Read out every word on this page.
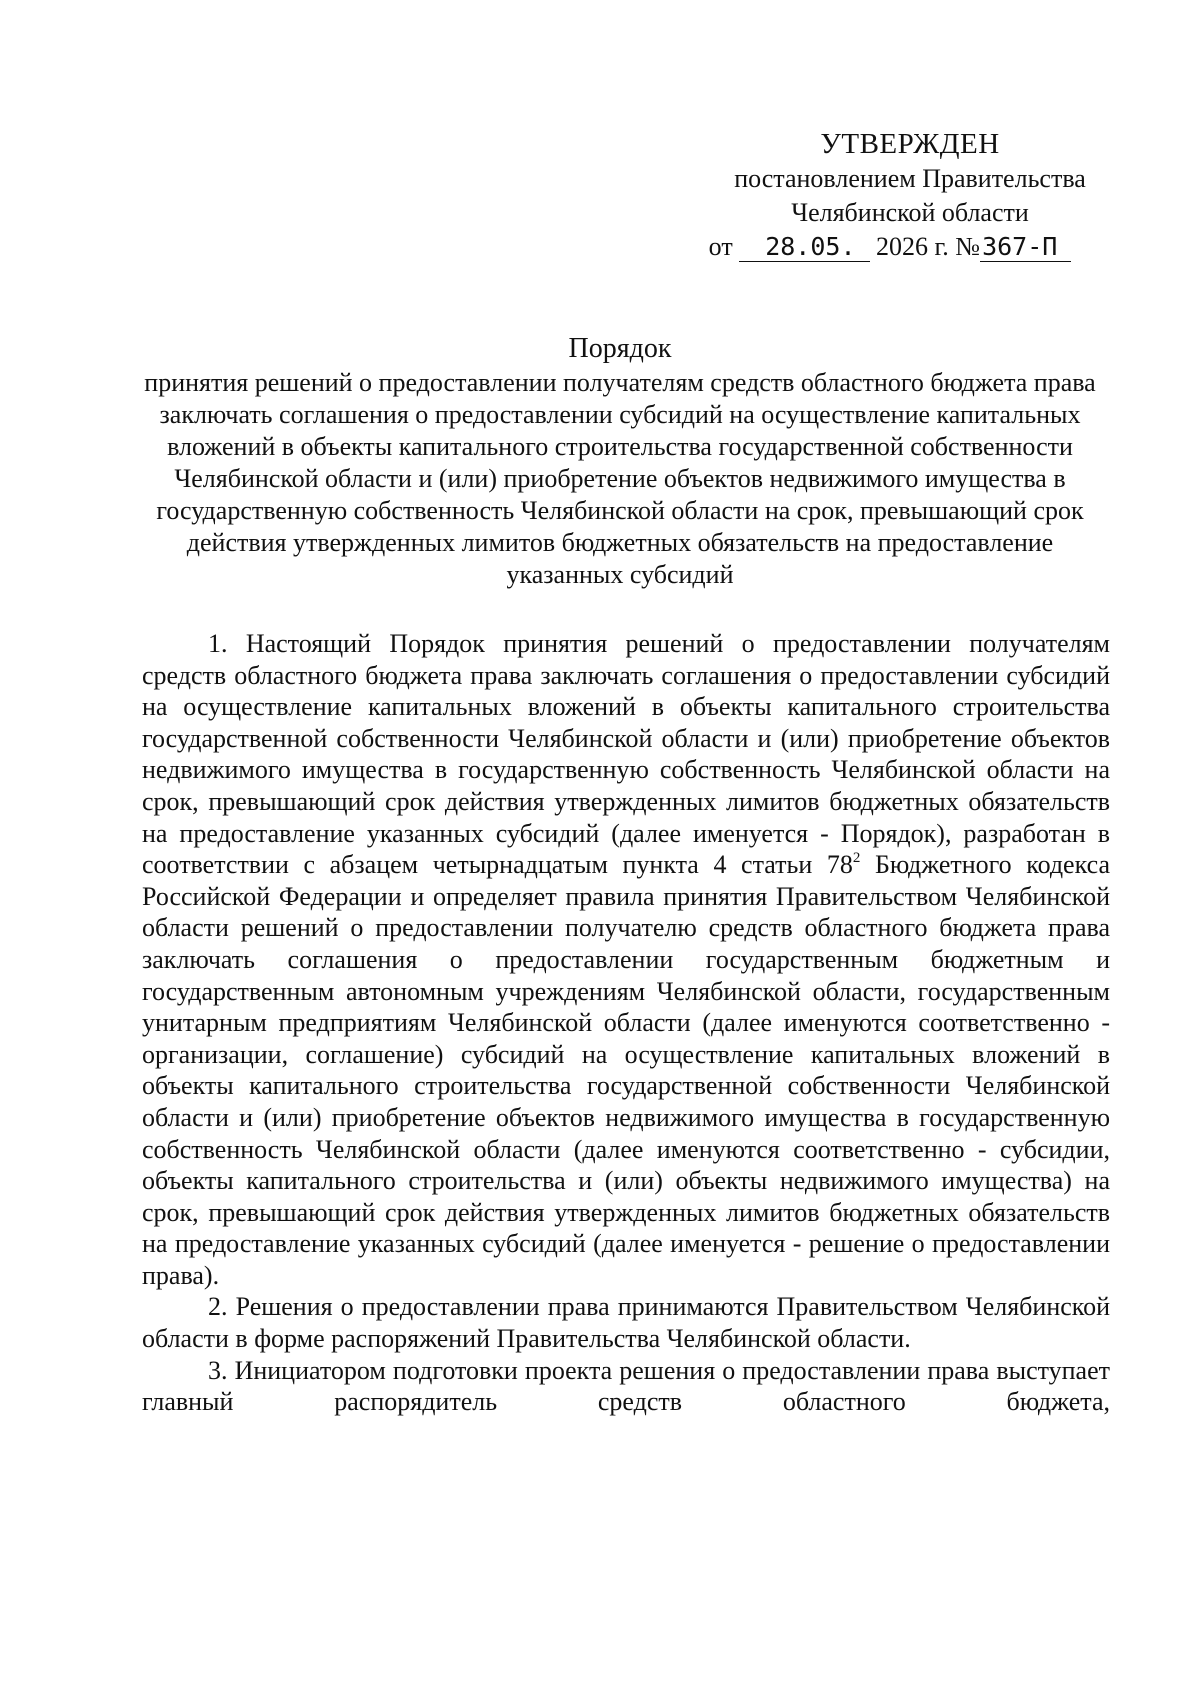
УТВЕРЖДЕН
постановлением Правительства
Челябинской области
от 28.05. 2026 г. №367-П
Порядок
принятия решений о предоставлении получателям средств областного бюджета права заключать соглашения о предоставлении субсидий на осуществление капитальных вложений в объекты капитального строительства государственной собственности Челябинской области и (или) приобретение объектов недвижимого имущества в государственную собственность Челябинской области на срок, превышающий срок действия утвержденных лимитов бюджетных обязательств на предоставление указанных субсидий

1. Настоящий Порядок принятия решений о предоставлении получателям средств областного бюджета права заключать соглашения о предоставлении субсидий на осуществление капитальных вложений в объекты капитального строительства государственной собственности Челябинской области и (или) приобретение объектов недвижимого имущества в государственную собственность Челябинской области на срок, превышающий срок действия утвержденных лимитов бюджетных обязательств на предоставление указанных субсидий (далее именуется - Порядок), разработан в соответствии с абзацем четырнадцатым пункта 4 статьи $78^2$ Бюджетного кодекса Российской Федерации и определяет правила принятия Правительством Челябинской области решений о предоставлении получателю средств областного бюджета права заключать соглашения о предоставлении государственным бюджетным и государственным автономным учреждениям Челябинской области, государственным унитарным предприятиям Челябинской области (далее именуются соответственно - организации, соглашение) субсидий на осуществление капитальных вложений в объекты капитального строительства государственной собственности Челябинской области и (или) приобретение объектов недвижимого имущества в государственную собственность Челябинской области (далее именуются соответственно - субсидии, объекты капитального строительства и (или) объекты недвижимого имущества) на срок, превышающий срок действия утвержденных лимитов бюджетных обязательств на предоставление указанных субсидий (далее именуется - решение о предоставлении права).

2. Решения о предоставлении права принимаются Правительством Челябинской области в форме распоряжений Правительства Челябинской области.

3. Инициатором подготовки проекта решения о предоставлении права выступает главный распорядитель средств областного бюджета,
